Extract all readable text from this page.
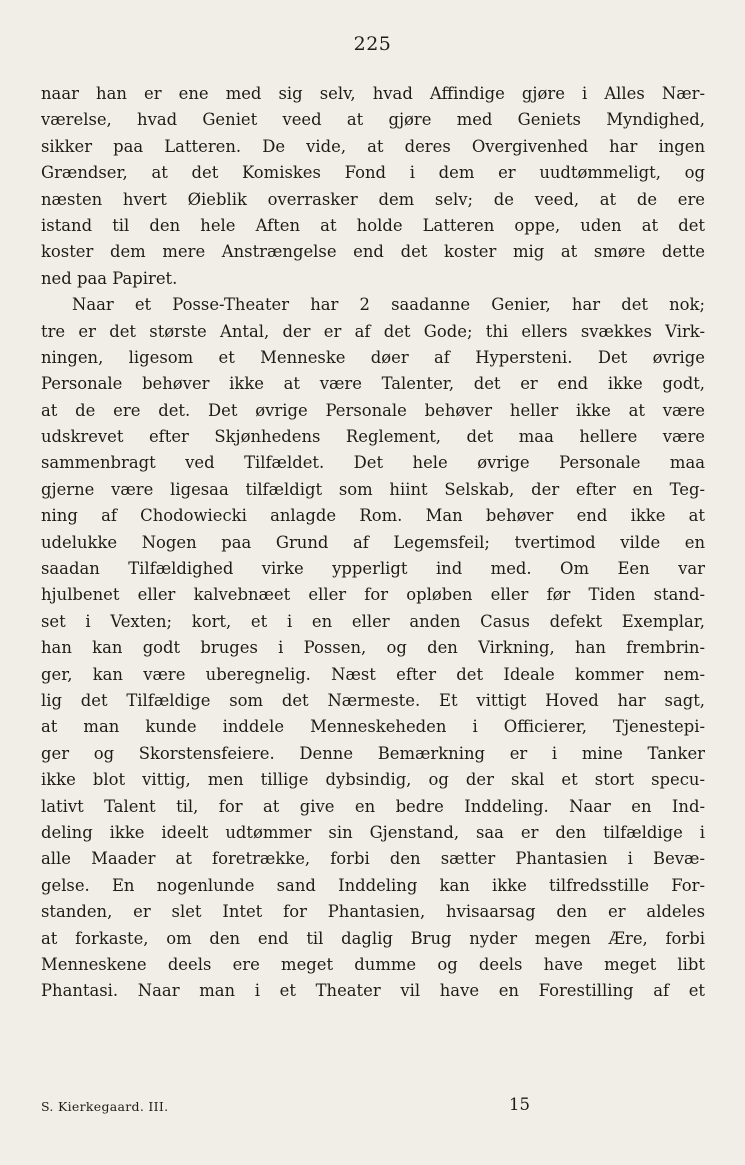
225
naar han er ene med sig selv, hvad Affindige gjøre i Alles Nær-
værelse, hvad Geniet veed at gjøre med Geniets Myndighed,
sikker paa Latteren. De vide, at deres Overgivenhed har ingen
Grændser, at det Komiskes Fond i dem er uudtømmeligt, og
næsten hvert Øieblik overrasker dem selv; de veed, at de ere
istand til den hele Aften at holde Latteren oppe, uden at det
koster dem mere Anstrængelse end det koster mig at smøre dette
ned paa Papiret.
Naar et Posse-Theater har 2 saadanne Genier, har det nok;
tre er det største Antal, der er af det Gode; thi ellers svækkes Virk-
ningen, ligesom et Menneske døer af Hypersteni. Det øvrige
Personale behøver ikke at være Talenter, det er end ikke godt,
at de ere det. Det øvrige Personale behøver heller ikke at være
udskrevet efter Skjønhedens Reglement, det maa hellere være
sammenbragt ved Tilfældet. Det hele øvrige Personale maa
gjerne være ligesaa tilfældigt som hiint Selskab, der efter en Teg-
ning af Chodowiecki anlagde Rom. Man behøver end ikke at
udelukke Nogen paa Grund af Legemsfeil; tvertimod vilde en
saadan Tilfældighed virke ypperligt ind med. Om Een var
hjulbenet eller kalvebnæet eller for opløben eller før Tiden stand-
set i Vexten; kort, et i en eller anden Casus defekt Exemplar,
han kan godt bruges i Possen, og den Virkning, han frembrin-
ger, kan være uberegnelig. Næst efter det Ideale kommer nem-
lig det Tilfældige som det Nærmeste. Et vittigt Hoved har sagt,
at man kunde inddele Menneskeheden i Officierer, Tjenestepi-
ger og Skorstensfeiere. Denne Bemærkning er i mine Tanker
ikke blot vittig, men tillige dybsindig, og der skal et stort specu-
lativt Talent til, for at give en bedre Inddeling. Naar en Ind-
deling ikke ideelt udtømmer sin Gjenstand, saa er den tilfældige i
alle Maader at foretrække, forbi den sætter Phantasien i Bevæ-
gelse. En nogenlunde sand Inddeling kan ikke tilfredsstille For-
standen, er slet Intet for Phantasien, hvisaarsag den er aldeles
at forkaste, om den end til daglig Brug nyder megen Ære, forbi
Menneskene deels ere meget dumme og deels have meget libt
Phantasi. Naar man i et Theater vil have en Forestilling af et
S. Kierkegaard. III.	15
